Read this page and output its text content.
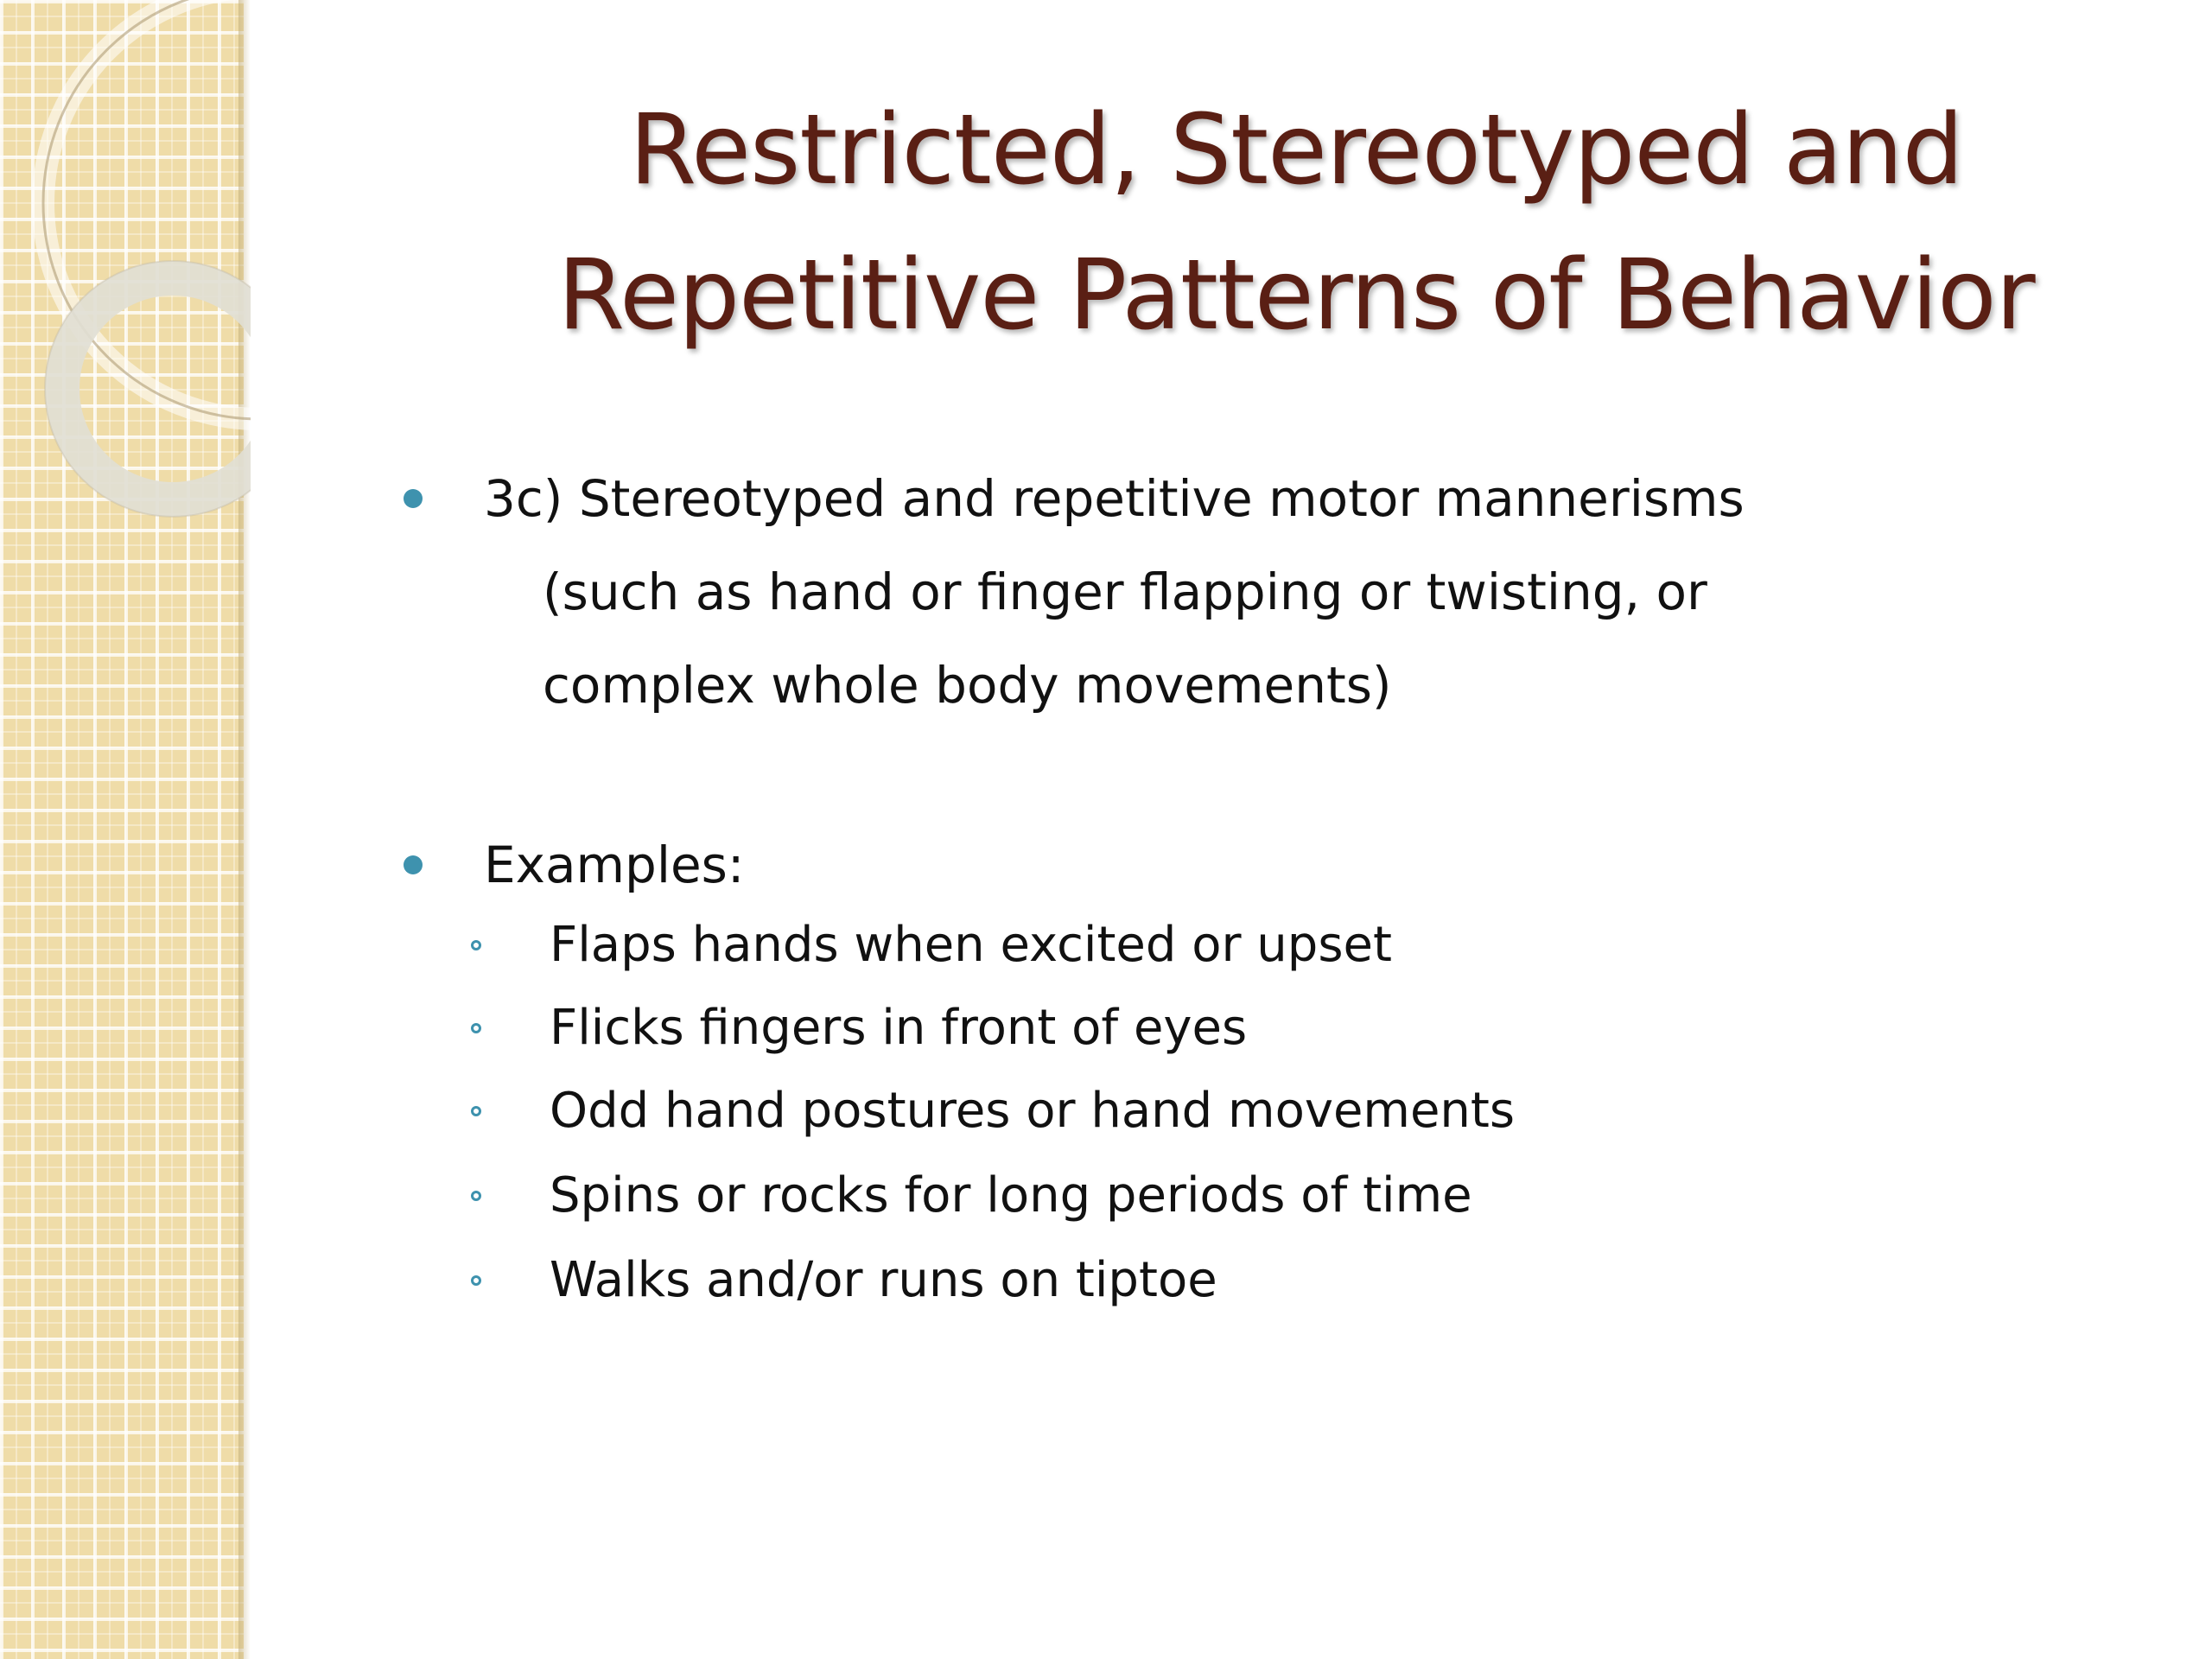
Restricted, Stereotyped and
Repetitive Patterns of Behavior
3c) Stereotyped and repetitive motor mannerisms
(such as hand or finger flapping or twisting, or
complex whole body movements)
Examples:
Flaps hands when excited or upset
Flicks fingers in front of eyes
Odd hand postures or hand movements
Spins or rocks for long periods of time
Walks and/or runs on tiptoe
